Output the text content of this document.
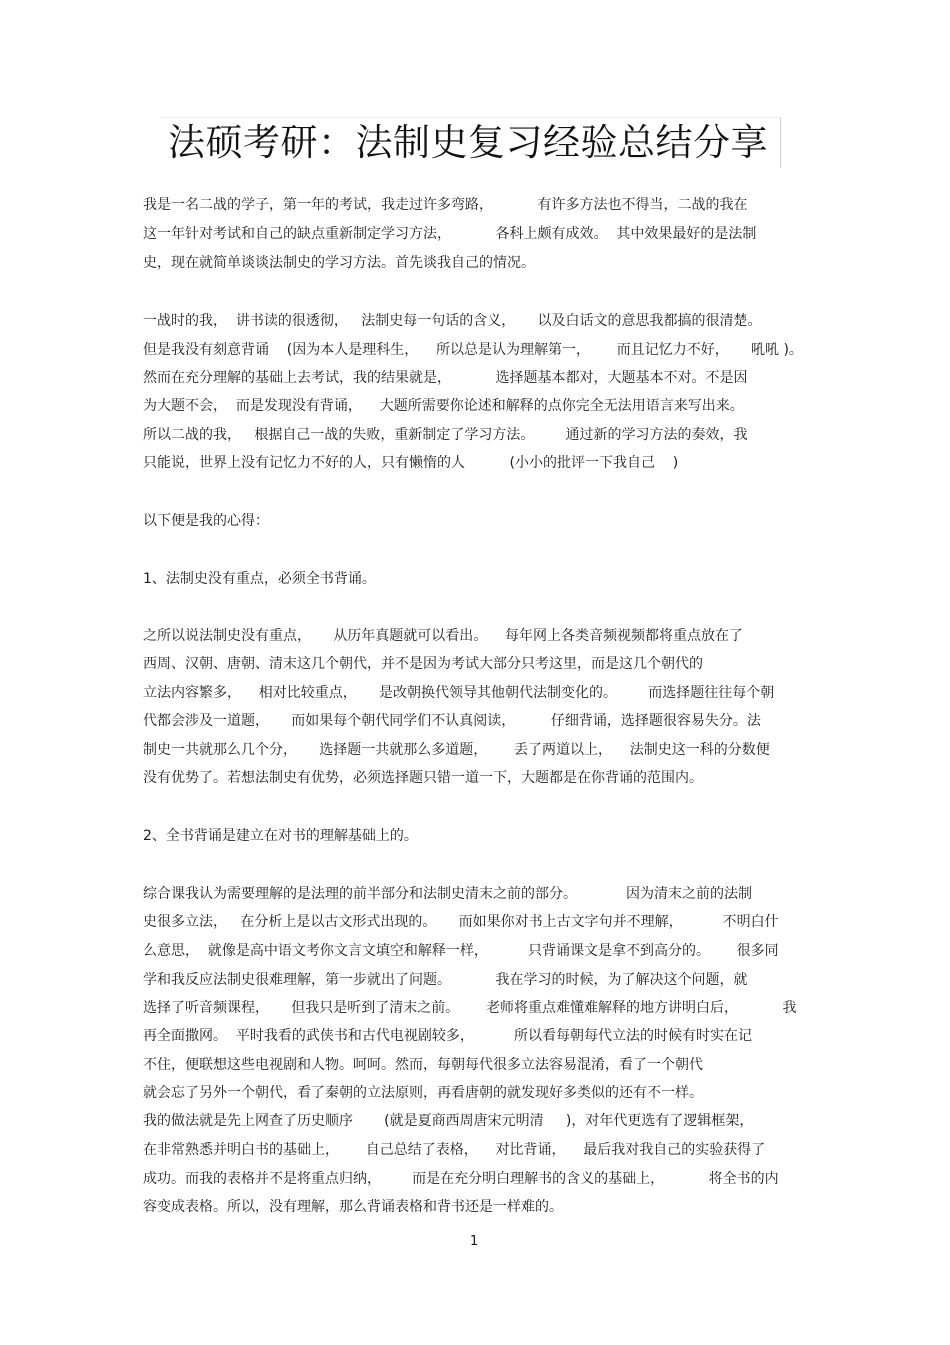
法硕考研：法制史复习经验总结分享
我是一名二战的学子，第一年的考试，我走过许多弯路，          有许多方法也不得当，二战的我在
这一年针对考试和自己的缺点重新制定学习方法，          各科上颇有成效。  其中效果最好的是法制
史，现在就简单谈谈法制史的学习方法。首先谈我自己的情况。
一战时的我，  讲书读的很透彻，   法制史每一句话的含义，     以及白话文的意思我都搞的很清楚。
但是我没有刻意背诵    (因为本人是理科生，    所以总是认为理解第一，      而且记忆力不好，     吼吼 )。
然而在充分理解的基础上去考试，我的结果就是，          选择题基本都对，大题基本不对。不是因
为大题不会，  而是发现没有背诵，    大题所需要你论述和解释的点你完全无法用语言来写出来。
所以二战的我，   根据自己一战的失败，重新制定了学习方法。       通过新的学习方法的奏效，我
只能说，世界上没有记忆力不好的人，只有懒惰的人          (小小的批评一下我自己    )
以下便是我的心得：
1、法制史没有重点，必须全书背诵。
之所以说法制史没有重点，     从历年真题就可以看出。    每年网上各类音频视频都将重点放在了
西周、汉朝、唐朝、清末这几个朝代，并不是因为考试大部分只考这里，而是这几个朝代的
立法内容繁多，    相对比较重点，     是改朝换代领导其他朝代法制变化的。       而选择题往往每个朝
代都会涉及一道题，     而如果每个朝代同学们不认真阅读，        仔细背诵，选择题很容易失分。法
制史一共就那么几个分，     选择题一共就那么多道题，      丢了两道以上，    法制史这一科的分数便
没有优势了。若想法制史有优势，必须选择题只错一道一下，大题都是在你背诵的范围内。
2、全书背诵是建立在对书的理解基础上的。
综合课我认为需要理解的是法理的前半部分和法制史清末之前的部分。           因为清末之前的法制
史很多立法，   在分析上是以古文形式出现的。     而如果你对书上古文字句并不理解，         不明白什
么意思，  就像是高中语文考你文言文填空和解释一样，         只背诵课文是拿不到高分的。      很多同
学和我反应法制史很难理解，第一步就出了问题。          我在学习的时候，为了解决这个问题，就
选择了听音频课程，     但我只是听到了清末之前。      老师将重点难懂难解释的地方讲明白后，          我
再全面撒网。  平时我看的武侠书和古代电视剧较多，         所以看每朝每代立法的时候有时实在记
不住，便联想这些电视剧和人物。呵呵。然而，每朝每代很多立法容易混淆，看了一个朝代
就会忘了另外一个朝代，看了秦朝的立法原则，再看唐朝的就发现好多类似的还有不一样。
我的做法就是先上网查了历史顺序       (就是夏商西周唐宋元明清     )，对年代更选有了逻辑框架，
在非常熟悉并明白书的基础上，      自己总结了表格，    对比背诵，    最后我对我自己的实验获得了
成功。而我的表格并不是将重点归纳，       而是在充分明白理解书的含义的基础上，          将全书的内
容变成表格。所以，没有理解，那么背诵表格和背书还是一样难的。
1
